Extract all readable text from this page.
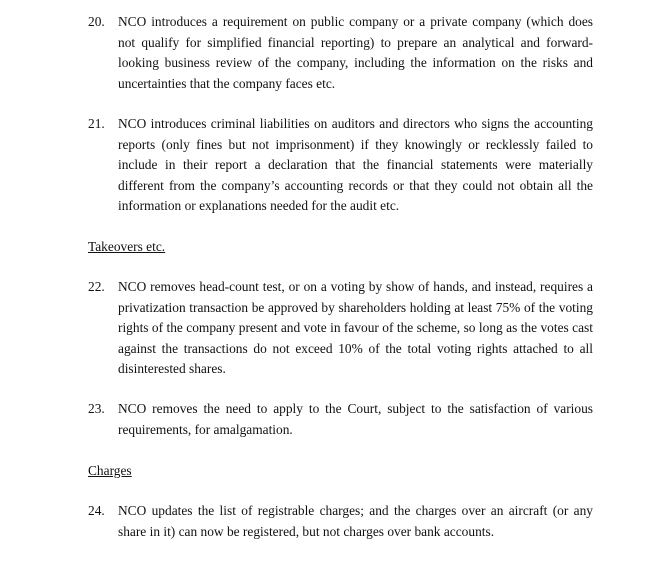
20. NCO introduces a requirement on public company or a private company (which does not qualify for simplified financial reporting) to prepare an analytical and forward-looking business review of the company, including the information on the risks and uncertainties that the company faces etc.
21. NCO introduces criminal liabilities on auditors and directors who signs the accounting reports (only fines but not imprisonment) if they knowingly or recklessly failed to include in their report a declaration that the financial statements were materially different from the company’s accounting records or that they could not obtain all the information or explanations needed for the audit etc.
Takeovers etc.
22. NCO removes head-count test, or on a voting by show of hands, and instead, requires a privatization transaction be approved by shareholders holding at least 75% of the voting rights of the company present and vote in favour of the scheme, so long as the votes cast against the transactions do not exceed 10% of the total voting rights attached to all disinterested shares.
23. NCO removes the need to apply to the Court, subject to the satisfaction of various requirements, for amalgamation.
Charges
24. NCO updates the list of registrable charges; and the charges over an aircraft (or any share in it) can now be registered, but not charges over bank accounts.
